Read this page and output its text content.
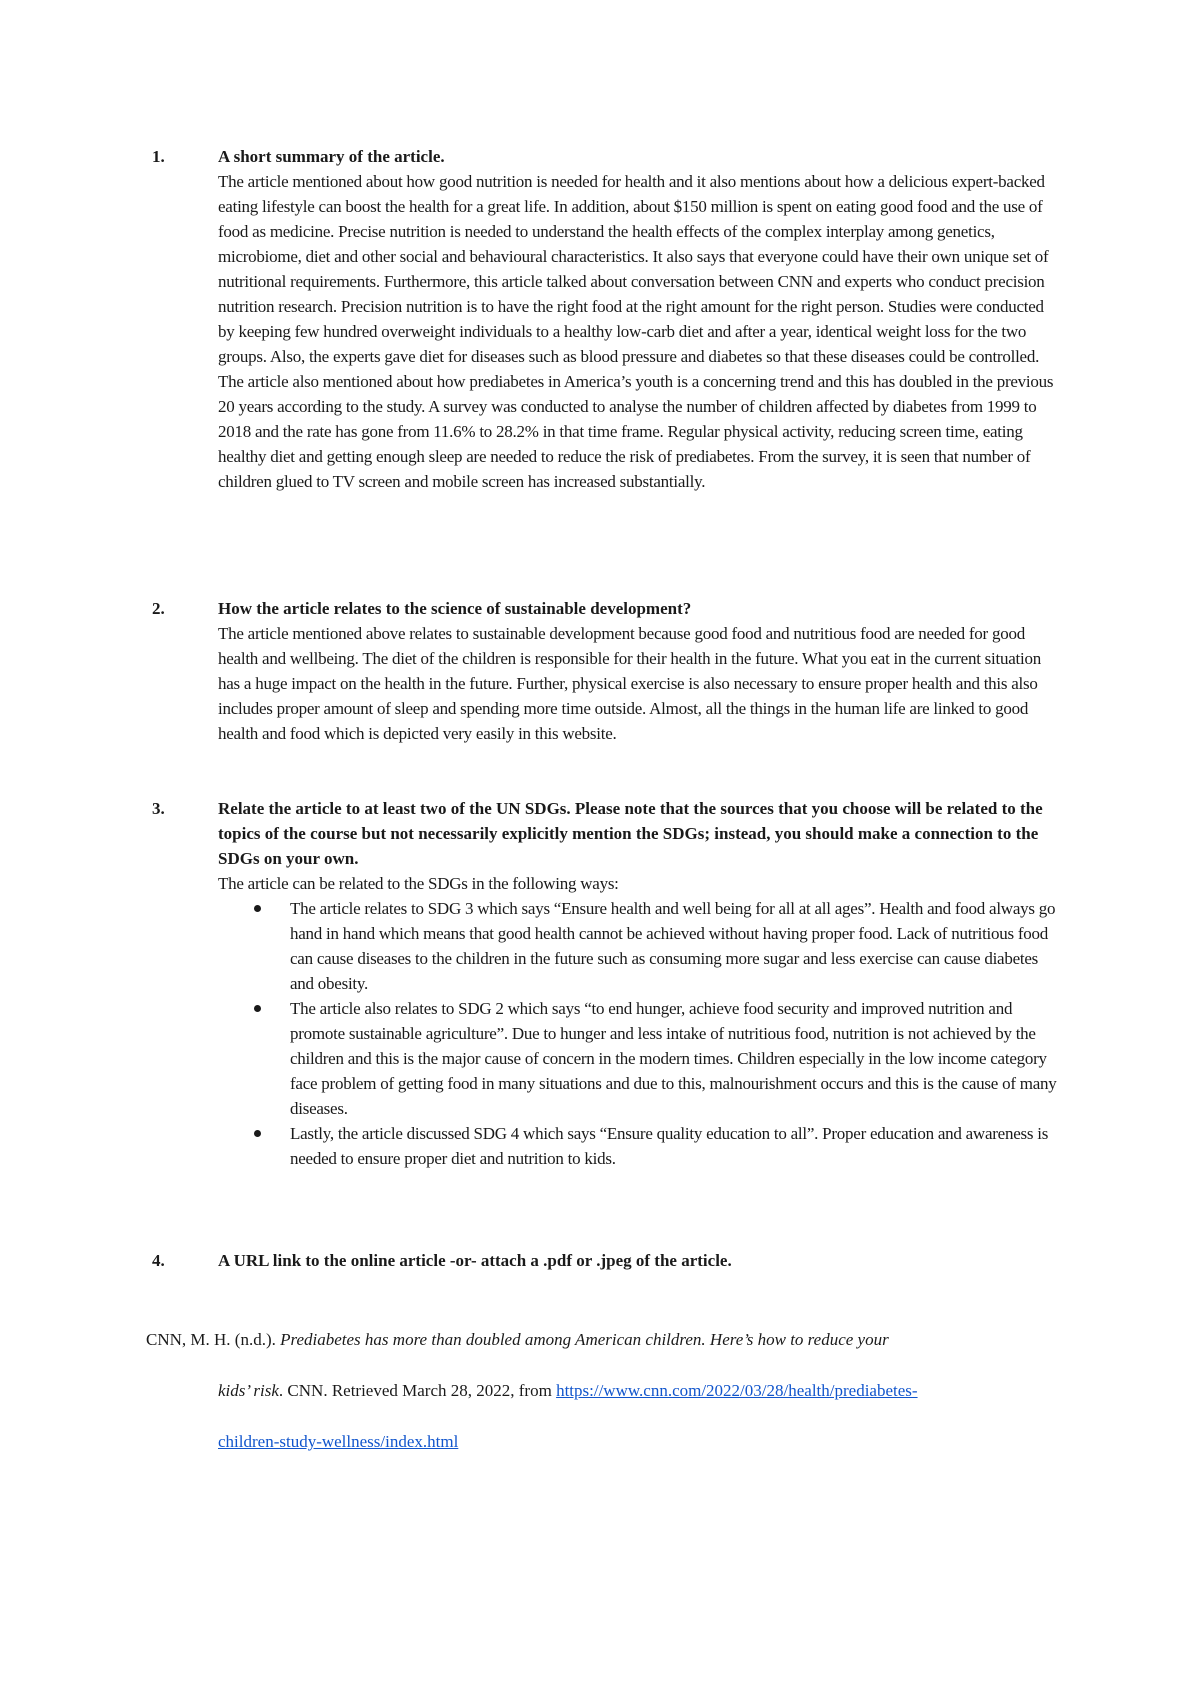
1.	A short summary of the article.

The article mentioned about how good nutrition is needed for health and it also mentions about how a delicious expert-backed eating lifestyle can boost the health for a great life. In addition, about $150 million is spent on eating good food and the use of food as medicine. Precise nutrition is needed to understand the health effects of the complex interplay among genetics, microbiome, diet and other social and behavioural characteristics. It also says that everyone could have their own unique set of nutritional requirements. Furthermore, this article talked about conversation between CNN and experts who conduct precision nutrition research. Precision nutrition is to have the right food at the right amount for the right person. Studies were conducted by keeping few hundred overweight individuals to a healthy low-carb diet and after a year, identical weight loss for the two groups. Also, the experts gave diet for diseases such as blood pressure and diabetes so that these diseases could be controlled. The article also mentioned about how prediabetes in America’s youth is a concerning trend and this has doubled in the previous 20 years according to the study. A survey was conducted to analyse the number of children affected by diabetes from 1999 to 2018 and the rate has gone from 11.6% to 28.2% in that time frame. Regular physical activity, reducing screen time, eating healthy diet and getting enough sleep are needed to reduce the risk of prediabetes. From the survey, it is seen that number of children glued to TV screen and mobile screen has increased substantially.

2.	How the article relates to the science of sustainable development?

The article mentioned above relates to sustainable development because good food and nutritious food are needed for good health and wellbeing. The diet of the children is responsible for their health in the future. What you eat in the current situation has a huge impact on the health in the future. Further, physical exercise is also necessary to ensure proper health and this also includes proper amount of sleep and spending more time outside. Almost, all the things in the human life are linked to good health and food which is depicted very easily in this website.

3.	Relate the article to at least two of the UN SDGs. Please note that the sources that you choose will be related to the topics of the course but not necessarily explicitly mention the SDGs; instead, you should make a connection to the SDGs on your own.

The article can be related to the SDGs in the following ways:

The article relates to SDG 3 which says “Ensure health and well being for all at all ages”. Health and food always go hand in hand which means that good health cannot be achieved without having proper food. Lack of nutritious food can cause diseases to the children in the future such as consuming more sugar and less exercise can cause diabetes and obesity.
The article also relates to SDG 2 which says “to end hunger, achieve food security and improved nutrition and promote sustainable agriculture”. Due to hunger and less intake of nutritious food, nutrition is not achieved by the children and this is the major cause of concern in the modern times. Children especially in the low income category face problem of getting food in many situations and due to this, malnourishment occurs and this is the cause of many diseases.
Lastly, the article discussed SDG 4 which says “Ensure quality education to all”. Proper education and awareness is needed to ensure proper diet and nutrition to kids.
4.	A URL link to the online article -or- attach a .pdf or .jpeg of the article.

CNN, M. H. (n.d.). Prediabetes has more than doubled among American children. Here’s how to reduce your
kids’ risk. CNN. Retrieved March 28, 2022, from https://www.cnn.com/2022/03/28/health/prediabetes-
children-study-wellness/index.html
